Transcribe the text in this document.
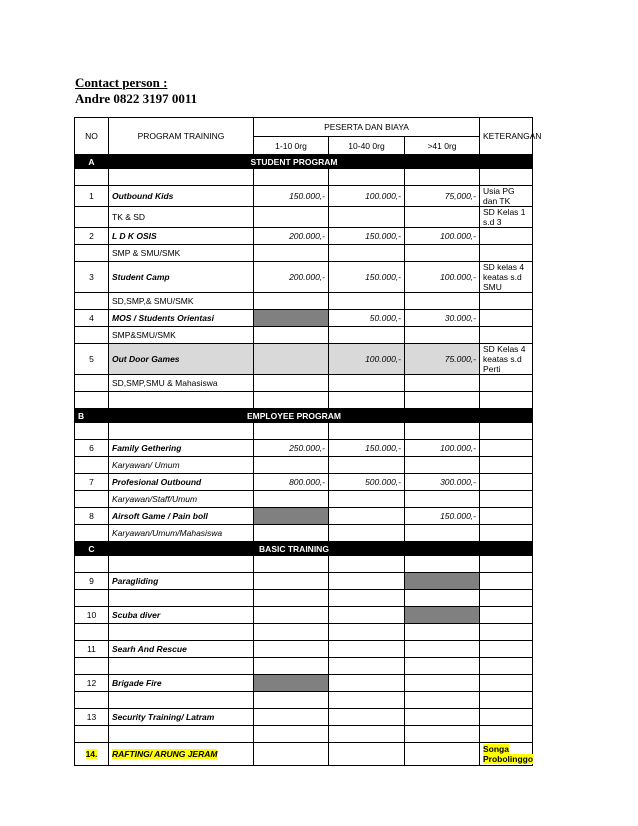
Contact person :
Andre 0822 3197 0011
NO	PROGRAM TRAINING	PESERTA DAN BIAYA			KETERANGAN
		1-10 0rg	10-40 0rg	>41 0rg	
A	STUDENT PROGRAM				

1	Outbound Kids	150.000,-	100.000,-	75,000,-	Usia PG dan TK
	TK & SD				SD Kelas 1 s.d 3
2	L D K OSIS	200.000,-	150.000,-	100.000,-	
	SMP & SMU/SMK				
3	Student Camp	200.000,-	150.000,-	100.000,-	SD kelas 4 keatas s.d SMU
	SD,SMP,& SMU/SMK				
4	MOS / Students Orientasi		50.000,-	30.000,-	
	SMP&SMU/SMK				
5	Out Door Games		100.000,-	75.000,-	SD Kelas 4 keatas s.d Perti
	SD,SMP,SMU & Mahasiswa				

B	EMPLOYEE PROGRAM				

6	Family Gethering	250.000,-	150.000,-	100.000,-	
	Karyawan/ Umum				
7	Profesional Outbound	800.000,-	500.000,-	300.000,-	
	Karyawan/Staff/Umum				
8	Airsoft Game / Pain boll			150.000,-	
	Karyawan/Umum/Mahasiswa				
C	BASIC TRAINING				

9	Paragliding				

10	Scuba diver				

11	Searh And Rescue				

12	Brigade Fire				

13	Security Training/ Latram				

14.	RAFTING/ ARUNG JERAM				Songa Probolinggo
